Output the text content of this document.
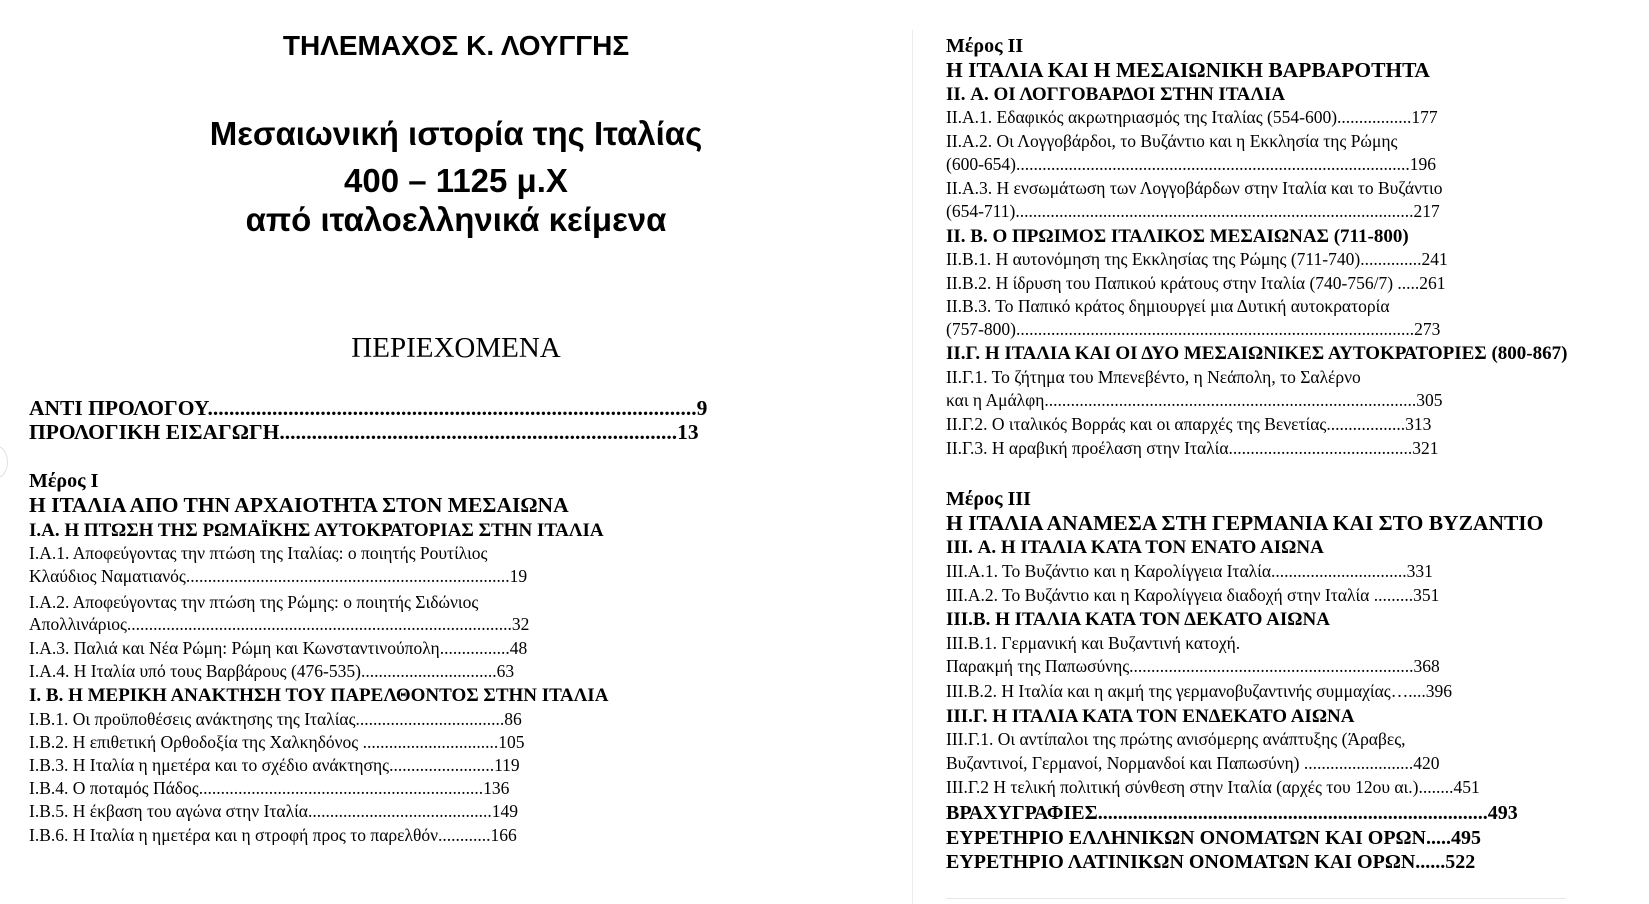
ΤΗΛΕΜΑΧΟΣ Κ. ΛΟΥΓΓΗΣ
Μεσαιωνική ιστορία της Ιταλίας
400 – 1125 μ.Χ
από ιταλοελληνικά κείμενα
ΠΕΡΙΕΧΟΜΕΝΑ
ΑΝΤΙ ΠΡΟΛΟΓΟΥ...........................................................................................9
ΠΡΟΛΟΓΙΚΗ ΕΙΣΑΓΩΓΗ..........................................................................13
Μέρος I
Η ΙΤΑΛΙΑ ΑΠΟ ΤΗΝ ΑΡΧΑΙΟΤΗΤΑ ΣΤΟΝ ΜΕΣΑΙΩΝΑ
I.Α. Η ΠΤΩΣΗ ΤΗΣ ΡΩΜΑΪΚΗΣ ΑΥΤΟΚΡΑΤΟΡΙΑΣ ΣΤΗΝ ΙΤΑΛΙΑ
I.Α.1. Αποφεύγοντας την πτώση της Ιταλίας: ο ποιητής Ρουτίλιος
Κλαύδιος Ναματιανός..........................................................................19
I.Α.2. Αποφεύγοντας την πτώση της Ρώμης: ο ποιητής Σιδώνιος
Απολλινάριος........................................................................................32
I.Α.3. Παλιά και Νέα Ρώμη: Ρώμη και Κωνσταντινούπολη................48
I.Α.4. Η Ιταλία υπό τους Βαρβάρους (476-535)...............................63
I. Β. Η ΜΕΡΙΚΗ ΑΝΑΚΤΗΣΗ ΤΟΥ ΠΑΡΕΛΘΟΝΤΟΣ ΣΤΗΝ ΙΤΑΛΙΑ
I.Β.1. Οι προϋποθέσεις ανάκτησης της Ιταλίας..................................86
I.Β.2. Η επιθετική Ορθοδοξία της Χαλκηδόνος ...............................105
I.Β.3. Η Ιταλία η ημετέρα και το σχέδιο ανάκτησης........................119
I.Β.4. Ο ποταμός Πάδος.................................................................136
I.Β.5. Η έκβαση του αγώνα στην Ιταλία..........................................149
I.Β.6. Η Ιταλία η ημετέρα και η στροφή προς το παρελθόν............166
Μέρος II
Η ΙΤΑΛΙΑ ΚΑΙ Η ΜΕΣΑΙΩΝΙΚΗ ΒΑΡΒΑΡΟΤΗΤΑ
II. Α. ΟΙ ΛΟΓΓΟΒΑΡΔΟΙ ΣΤΗΝ ΙΤΑΛΙΑ
II.Α.1. Εδαφικός ακρωτηριασμός της Ιταλίας (554-600).................177
II.Α.2. Οι Λογγοβάρδοι, το Βυζάντιο και η Εκκλησία της Ρώμης
(600-654)..........................................................................................196
II.Α.3. Η ενσωμάτωση των Λογγοβάρδων στην Ιταλία και το Βυζάντιο
(654-711)...........................................................................................217
II. Β. Ο ΠΡΩΙΜΟΣ ΙΤΑΛΙΚΟΣ ΜΕΣΑΙΩΝΑΣ (711-800)
II.Β.1. Η αυτονόμηση της Εκκλησίας της Ρώμης (711-740)..............241
II.Β.2. Η ίδρυση του Παπικού κράτους στην Ιταλία (740-756/7) .....261
II.Β.3. Το Παπικό κράτος δημιουργεί μια Δυτική αυτοκρατορία
(757-800)...........................................................................................273
II.Γ. Η ΙΤΑΛΙΑ ΚΑΙ ΟΙ ΔΥΟ ΜΕΣΑΙΩΝΙΚΕΣ ΑΥΤΟΚΡΑΤΟΡΙΕΣ (800-867)
II.Γ.1. Το ζήτημα του Μπενεβέντο, η Νεάπολη, το Σαλέρνο
και η Αμάλφη.....................................................................................305
II.Γ.2. Ο ιταλικός Βορράς και οι απαρχές της Βενετίας..................313
II.Γ.3. Η αραβική προέλαση στην Ιταλία..........................................321
Μέρος III
Η ΙΤΑΛΙΑ ΑΝΑΜΕΣΑ ΣΤΗ ΓΕΡΜΑΝΙΑ ΚΑΙ ΣΤΟ ΒΥΖΑΝΤΙΟ
III. Α. Η ΙΤΑΛΙΑ ΚΑΤΑ ΤΟΝ ΕΝΑΤΟ ΑΙΩΝΑ
III.Α.1. Το Βυζάντιο και η Καρολίγγεια Ιταλία...............................331
III.Α.2. Το Βυζάντιο και η Καρολίγγεια διαδοχή στην Ιταλία .........351
III.Β. Η ΙΤΑΛΙΑ ΚΑΤΑ ΤΟΝ ΔΕΚΑΤΟ ΑΙΩΝΑ
III.Β.1. Γερμανική και Βυζαντινή κατοχή.
Παρακμή της Παπωσύνης.................................................................368
III.Β.2. Η Ιταλία και η ακμή της γερμανοβυζαντινής συμμαχίας…....396
III.Γ. Η ΙΤΑΛΙΑ ΚΑΤΑ ΤΟΝ ΕΝΔΕΚΑΤΟ ΑΙΩΝΑ
III.Γ.1. Οι αντίπαλοι της πρώτης ανισόμερης ανάπτυξης (Άραβες,
Βυζαντινοί, Γερμανοί, Νορμανδοί και Παπωσύνη) .........................420
III.Γ.2 Η τελική πολιτική σύνθεση στην Ιταλία (αρχές του 12ου αι.)........451
ΒΡΑΧΥΓΡΑΦΙΕΣ..............................................................................493
ΕΥΡΕΤΗΡΙΟ ΕΛΛΗΝΙΚΩΝ ΟΝΟΜΑΤΩΝ ΚΑΙ ΟΡΩΝ.....495
ΕΥΡΕΤΗΡΙΟ ΛΑΤΙΝΙΚΩΝ ΟΝΟΜΑΤΩΝ ΚΑΙ ΟΡΩΝ......522
